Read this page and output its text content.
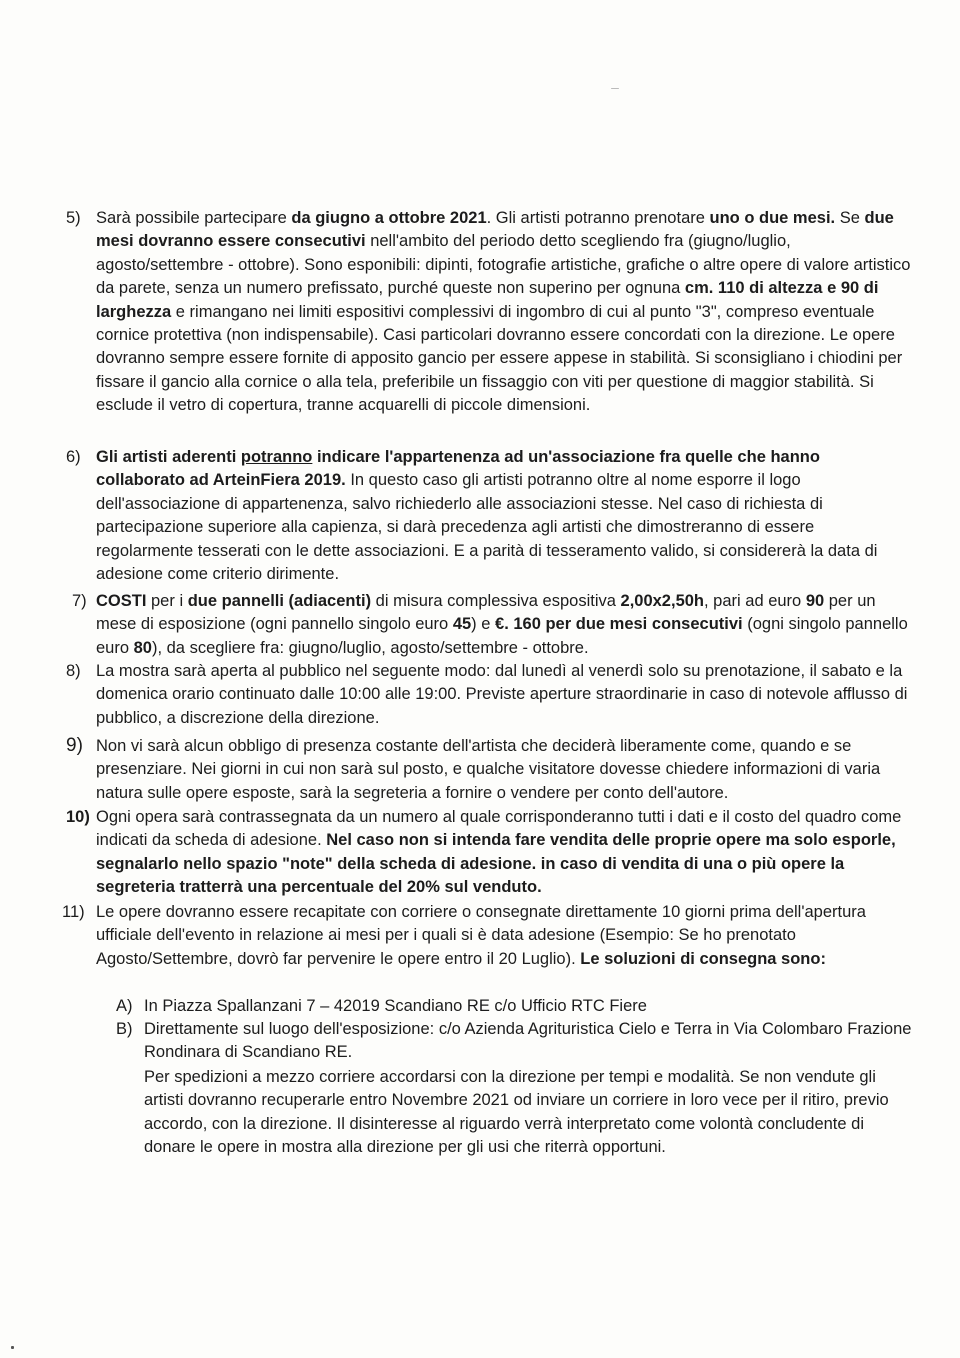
5) Sarà possibile partecipare da giugno a ottobre 2021. Gli artisti potranno prenotare uno o due mesi. Se due mesi dovranno essere consecutivi nell'ambito del periodo detto scegliendo fra (giugno/luglio, agosto/settembre - ottobre). Sono esponibili: dipinti, fotografie artistiche, grafiche o altre opere di valore artistico da parete, senza un numero prefissato, purché queste non superino per ognuna cm. 110 di altezza e 90 di larghezza e rimangano nei limiti espositivi complessivi di ingombro di cui al punto "3", compreso eventuale cornice protettiva (non indispensabile). Casi particolari dovranno essere concordati con la direzione. Le opere dovranno sempre essere fornite di apposito gancio per essere appese in stabilità. Si sconsigliano i chiodini per fissare il gancio alla cornice o alla tela, preferibile un fissaggio con viti per questione di maggior stabilità. Si esclude il vetro di copertura, tranne acquarelli di piccole dimensioni.
6) Gli artisti aderenti potranno indicare l'appartenenza ad un'associazione fra quelle che hanno collaborato ad ArteinFiera 2019. In questo caso gli artisti potranno oltre al nome esporre il logo dell'associazione di appartenenza, salvo richiederlo alle associazioni stesse. Nel caso di richiesta di partecipazione superiore alla capienza, si darà precedenza agli artisti che dimostreranno di essere regolarmente tesserati con le dette associazioni. E a parità di tesseramento valido, si considererà la data di adesione come criterio dirimente.
7) COSTI per i due pannelli (adiacenti) di misura complessiva espositiva 2,00x2,50h, pari ad euro 90 per un mese di esposizione (ogni pannello singolo euro 45) e €. 160 per due mesi consecutivi (ogni singolo pannello euro 80), da scegliere fra: giugno/luglio, agosto/settembre - ottobre.
8) La mostra sarà aperta al pubblico nel seguente modo: dal lunedì al venerdì solo su prenotazione, il sabato e la domenica orario continuato dalle 10:00 alle 19:00. Previste aperture straordinarie in caso di notevole afflusso di pubblico, a discrezione della direzione.
9) Non vi sarà alcun obbligo di presenza costante dell'artista che deciderà liberamente come, quando e se presenziare. Nei giorni in cui non sarà sul posto, e qualche visitatore dovesse chiedere informazioni di varia natura sulle opere esposte, sarà la segreteria a fornire o vendere per conto dell'autore.
10) Ogni opera sarà contrassegnata da un numero al quale corrisponderanno tutti i dati e il costo del quadro come indicati da scheda di adesione. Nel caso non si intenda fare vendita delle proprie opere ma solo esporle, segnalarlo nello spazio "note" della scheda di adesione. in caso di vendita di una o più opere la segreteria tratterrà una percentuale del 20% sul venduto.
11) Le opere dovranno essere recapitate con corriere o consegnate direttamente 10 giorni prima dell'apertura ufficiale dell'evento in relazione ai mesi per i quali si è data adesione (Esempio: Se ho prenotato Agosto/Settembre, dovrò far pervenire le opere entro il 20 Luglio). Le soluzioni di consegna sono:
A) In Piazza Spallanzani 7 – 42019 Scandiano RE c/o Ufficio RTC Fiere
B) Direttamente sul luogo dell'esposizione: c/o Azienda Agrituristica Cielo e Terra in Via Colombaro Frazione Rondinara di Scandiano RE.
Per spedizioni a mezzo corriere accordarsi con la direzione per tempi e modalità. Se non vendute gli artisti dovranno recuperarle entro Novembre 2021 od inviare un corriere in loro vece per il ritiro, previo accordo, con la direzione. Il disinteresse al riguardo verrà interpretato come volontà concludente di donare le opere in mostra alla direzione per gli usi che riterrà opportuni.
